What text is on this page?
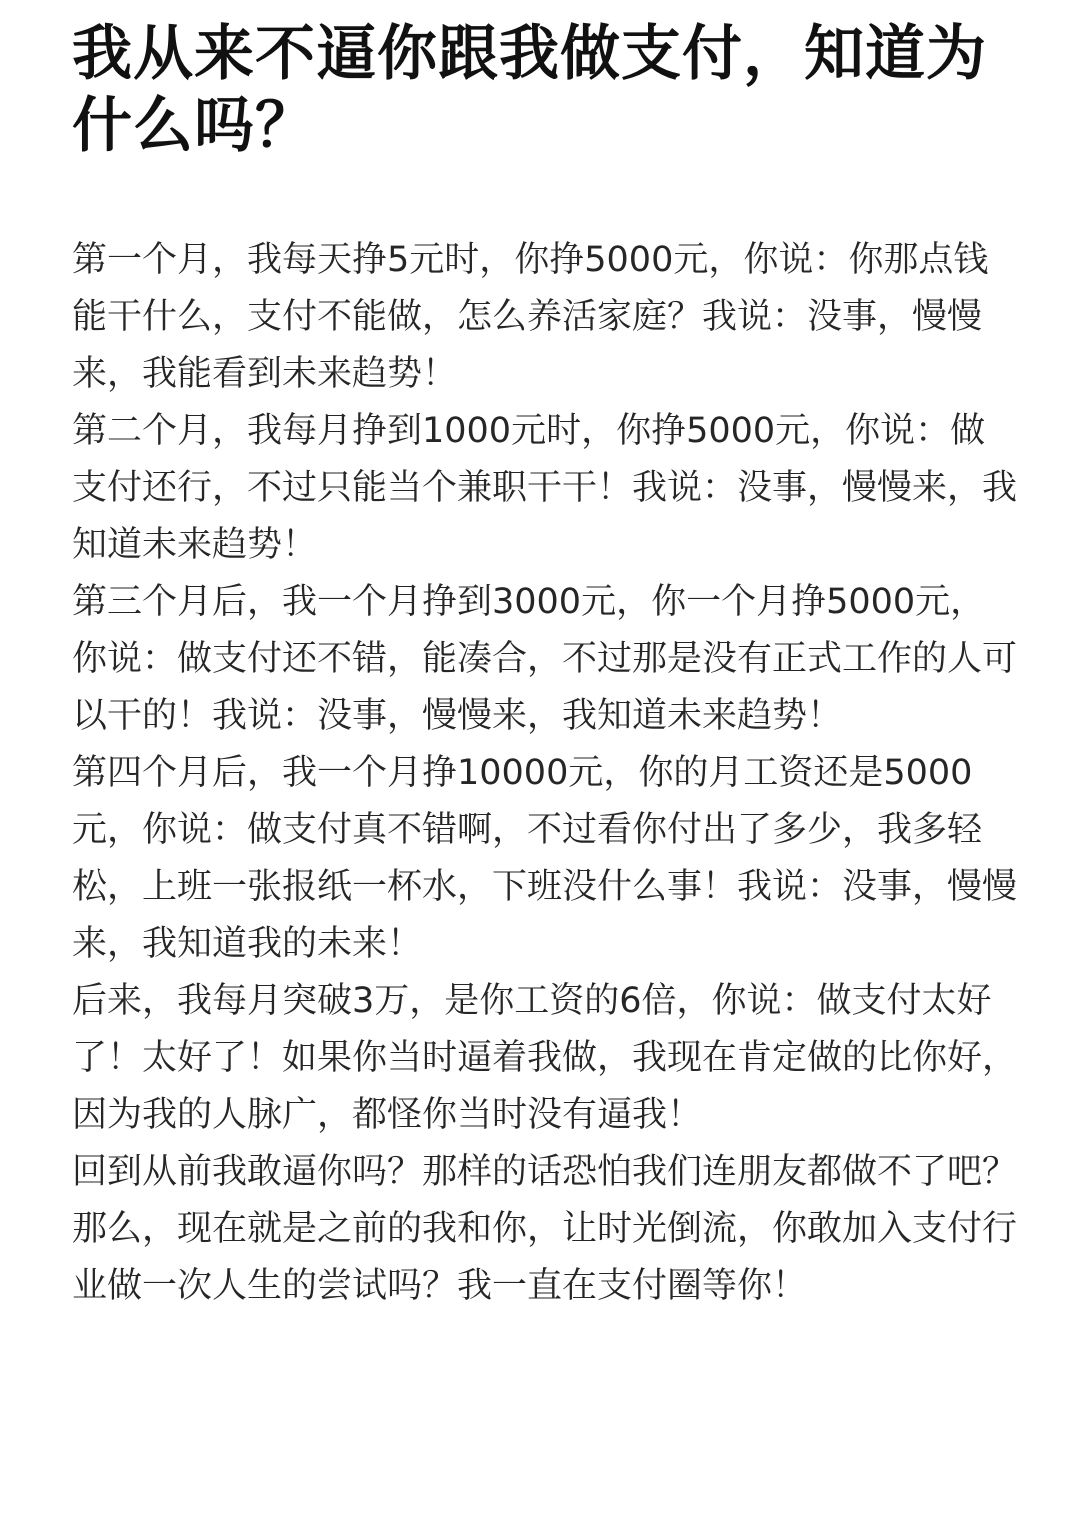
我从来不逼你跟我做支付，知道为什么吗？

第一个月，我每天挣5元时，你挣5000元，你说：你那点钱能干什么，支付不能做，怎么养活家庭？我说：没事，慢慢来，我能看到未来趋势！

第二个月，我每月挣到1000元时，你挣5000元，你说：做支付还行，不过只能当个兼职干干！我说：没事，慢慢来，我知道未来趋势！

第三个月后，我一个月挣到3000元，你一个月挣5000元，你说：做支付还不错，能凑合，不过那是没有正式工作的人可以干的！我说：没事，慢慢来，我知道未来趋势！

第四个月后，我一个月挣10000元，你的月工资还是5000元，你说：做支付真不错啊，不过看你付出了多少，我多轻松，上班一张报纸一杯水，下班没什么事！我说：没事，慢慢来，我知道我的未来！

后来，我每月突破3万，是你工资的6倍，你说：做支付太好了！太好了！如果你当时逼着我做，我现在肯定做的比你好，因为我的人脉广，都怪你当时没有逼我！

回到从前我敢逼你吗？那样的话恐怕我们连朋友都做不了吧？那么，现在就是之前的我和你，让时光倒流，你敢加入支付行业做一次人生的尝试吗？我一直在支付圈等你！
